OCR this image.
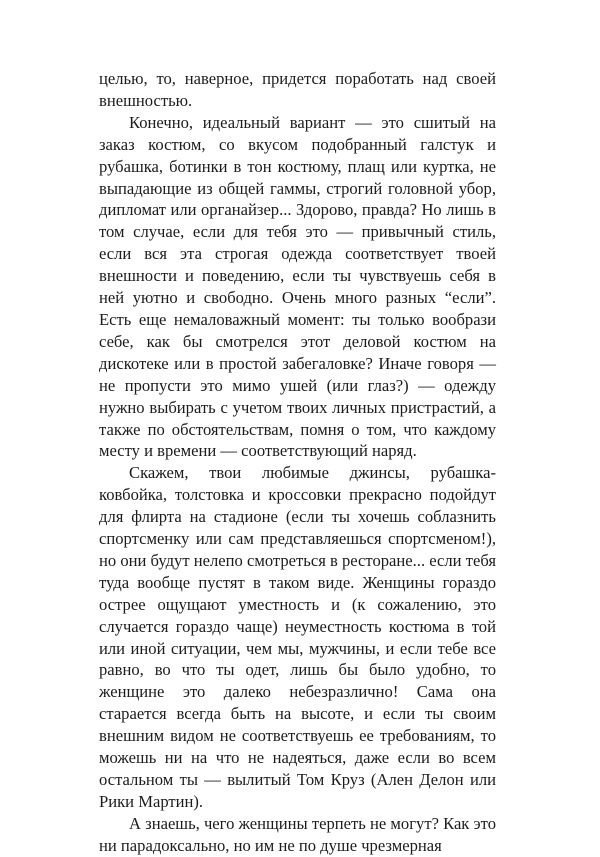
целью, то, наверное, придется поработать над своей внешностью.

Конечно, идеальный вариант — это сшитый на заказ костюм, со вкусом подобранный галстук и рубашка, ботинки в тон костюму, плащ или куртка, не выпадающие из общей гаммы, строгий головной убор, дипломат или органайзер... Здорово, правда? Но лишь в том случае, если для тебя это — привычный стиль, если вся эта строгая одежда соответствует твоей внешности и поведению, если ты чувствуешь себя в ней уютно и свободно. Очень много разных “если”. Есть еще немаловажный момент: ты только вообрази себе, как бы смотрелся этот деловой костюм на дискотеке или в простой забегаловке? Иначе говоря — не пропусти это мимо ушей (или глаз?) — одежду нужно выбирать с учетом твоих личных пристрастий, а также по обстоятельствам, помня о том, что каждому месту и времени — соответствующий наряд.

Скажем, твои любимые джинсы, рубашка-ковбойка, толстовка и кроссовки прекрасно подойдут для флирта на стадионе (если ты хочешь соблазнить спортсменку или сам представляешься спортсменом!), но они будут нелепо смотреться в ресторане... если тебя туда вообще пустят в таком виде. Женщины гораздо острее ощущают уместность и (к сожалению, это случается гораздо чаще) неуместность костюма в той или иной ситуации, чем мы, мужчины, и если тебе все равно, во что ты одет, лишь бы было удобно, то женщине это далеко небезразлично! Сама она старается всегда быть на высоте, и если ты своим внешним видом не соответствуешь ее требованиям, то можешь ни на что не надеяться, даже если во всем остальном ты — вылитый Том Круз (Ален Делон или Рики Мартин).

А знаешь, чего женщины терпеть не могут? Как это ни парадоксально, но им не по душе чрезмерная
